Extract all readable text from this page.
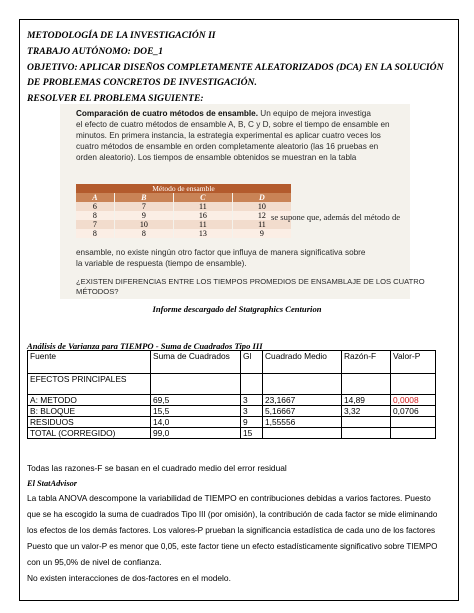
METODOLOGÍA DE LA INVESTIGACIÓN II
TRABAJO AUTÓNOMO: DOE_1
OBJETIVO: APLICAR DISEÑOS COMPLETAMENTE ALEATORIZADOS (DCA) EN LA SOLUCIÓN
DE PROBLEMAS CONCRETOS DE INVESTIGACIÓN.
RESOLVER EL PROBLEMA SIGUIENTE:
Comparación de cuatro métodos de ensamble. Un equipo de mejora investiga
el efecto de cuatro métodos de ensamble A, B, C y D, sobre el tiempo de ensamble en
minutos. En primera instancia, la estrategia experimental es aplicar cuatro veces los
cuatro métodos de ensamble en orden completamente aleatorio (las 16 pruebas en
orden aleatorio). Los tiempos de ensamble obtenidos se muestran en la tabla
Método de ensamble			
A	B	C	D
6	7	11	10
8	9	16	12
7	10	11	11
8	8	13	9
ensamble, no existe ningún otro factor que influya de manera significativa sobre
la variable de respuesta (tiempo de ensamble).
¿EXISTEN DIFERENCIAS ENTRE LOS TIEMPOS PROMEDIOS DE ENSAMBLAJE DE LOS CUATRO
MÉTODOS?
se supone que, además del método de
Informe descargado del Statgraphics Centurion
Análisis de Varianza para TIEMPO - Suma de Cuadrados Tipo III
Fuente	Suma de Cuadrados	Gl	Cuadrado Medio	Razón-F	Valor-P
EFECTOS PRINCIPALES					
A: METODO	69,5	3	23,1667	14,89	0,0008
B: BLOQUE	15,5	3	5,16667	3,32	0,0706
RESIDUOS	14,0	9	1,55556		
TOTAL (CORREGIDO)	99,0	15			
Todas las razones-F se basan en el cuadrado medio del error residual
El StatAdvisor
La tabla ANOVA descompone la variabilidad de TIEMPO en contribuciones debidas a varios factores. Puesto
que se ha escogido la suma de cuadrados Tipo III (por omisión), la contribución de cada factor se mide eliminando
los efectos de los demás factores. Los valores-P prueban la significancia estadística de cada uno de los factores
Puesto que un valor-P es menor que 0,05, este factor tiene un efecto estadísticamente significativo sobre TIEMPO
con un 95,0% de nivel de confianza.
No existen interacciones de dos-factores en el modelo.
